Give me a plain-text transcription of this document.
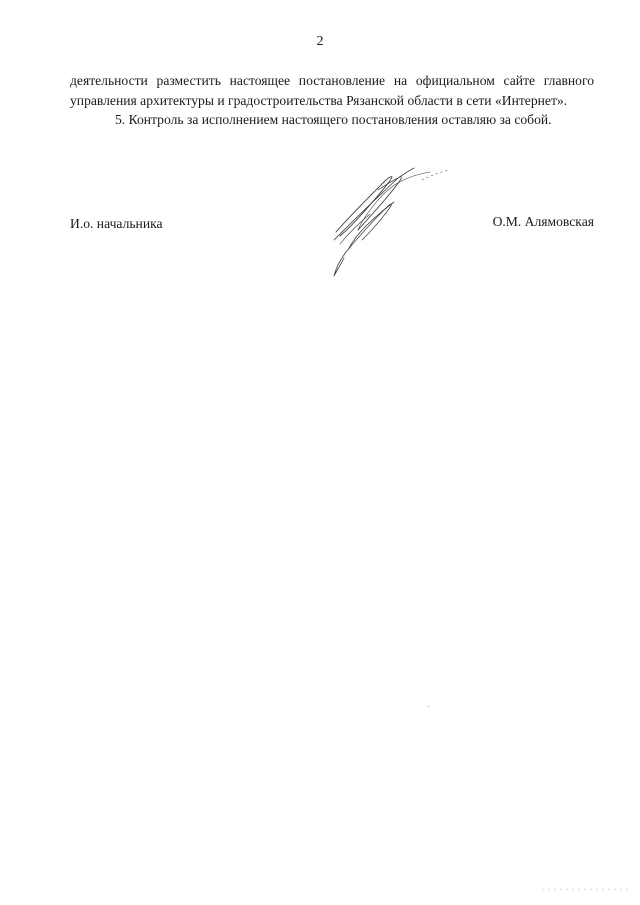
2

деятельности разместить настоящее постановление на официальном сайте главного управления архитектуры и градостроительства Рязанской области в сети «Интернет».

5. Контроль за исполнением настоящего постановления оставляю за собой.

И.о. начальника	О.М. Алямовская
